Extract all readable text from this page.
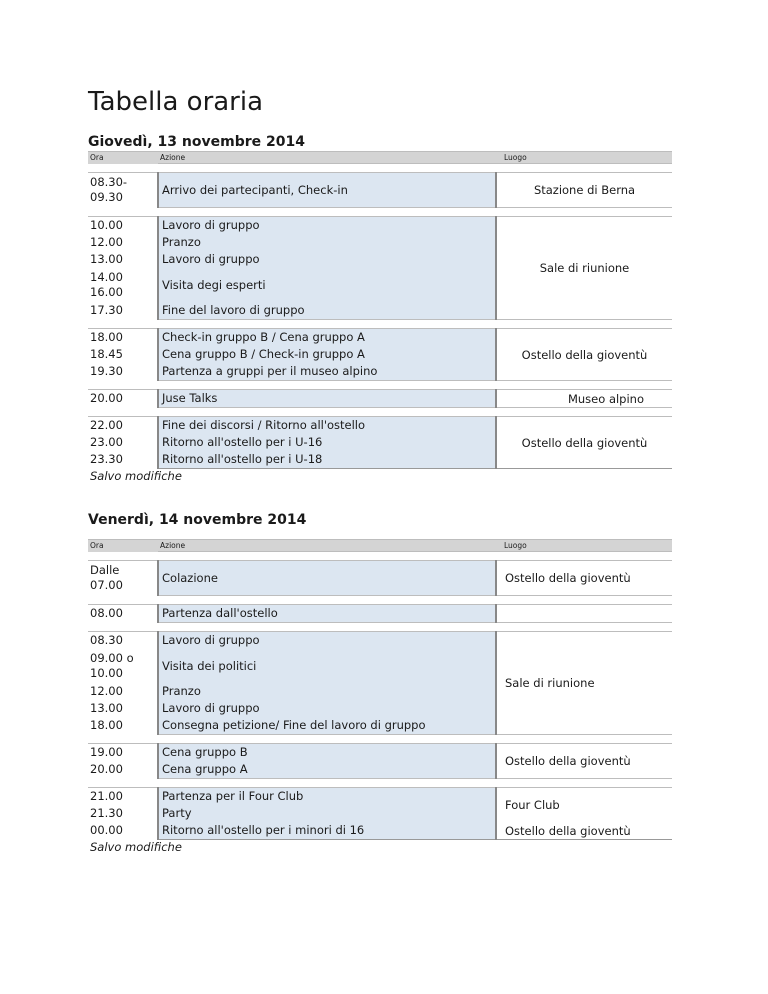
Tabella oraria
Giovedì, 13 novembre 2014
Ora	Azione	Luogo

08.30-
09.30	Arrivo dei partecipanti, Check-in	Stazione di Berna

10.00	Lavoro di gruppo	Sale di riunione
12.00	Pranzo	
13.00	Lavoro di gruppo	
14.00
16.00	Visita degi esperti	
17.30	Fine del lavoro di gruppo	

18.00	Check-in gruppo B / Cena gruppo A	Ostello della gioventù
18.45	Cena gruppo B / Check-in gruppo A	
19.30	Partenza a gruppi per il museo alpino	

20.00	Juse Talks	Museo alpino

22.00	Fine dei discorsi / Ritorno all'ostello	Ostello della gioventù
23.00	Ritorno all'ostello per i U-16	
23.30	Ritorno all'ostello per i U-18	

Salvo modifiche
Venerdì, 14 novembre 2014
Ora	Azione	Luogo

Dalle
07.00	Colazione	Ostello della gioventù

08.00	Partenza dall'ostello	

08.30	Lavoro di gruppo	Sale di riunione
09.00 o
10.00	Visita dei politici	
12.00	Pranzo	
13.00	Lavoro di gruppo	
18.00	Consegna petizione/ Fine del lavoro di gruppo	

19.00	Cena gruppo B	Ostello della gioventù
20.00	Cena gruppo A	

21.00	Partenza per il Four Club	Four Club
21.30	Party	
00.00	Ritorno all'ostello per i minori di 16	Ostello della gioventù

Salvo modifiche
